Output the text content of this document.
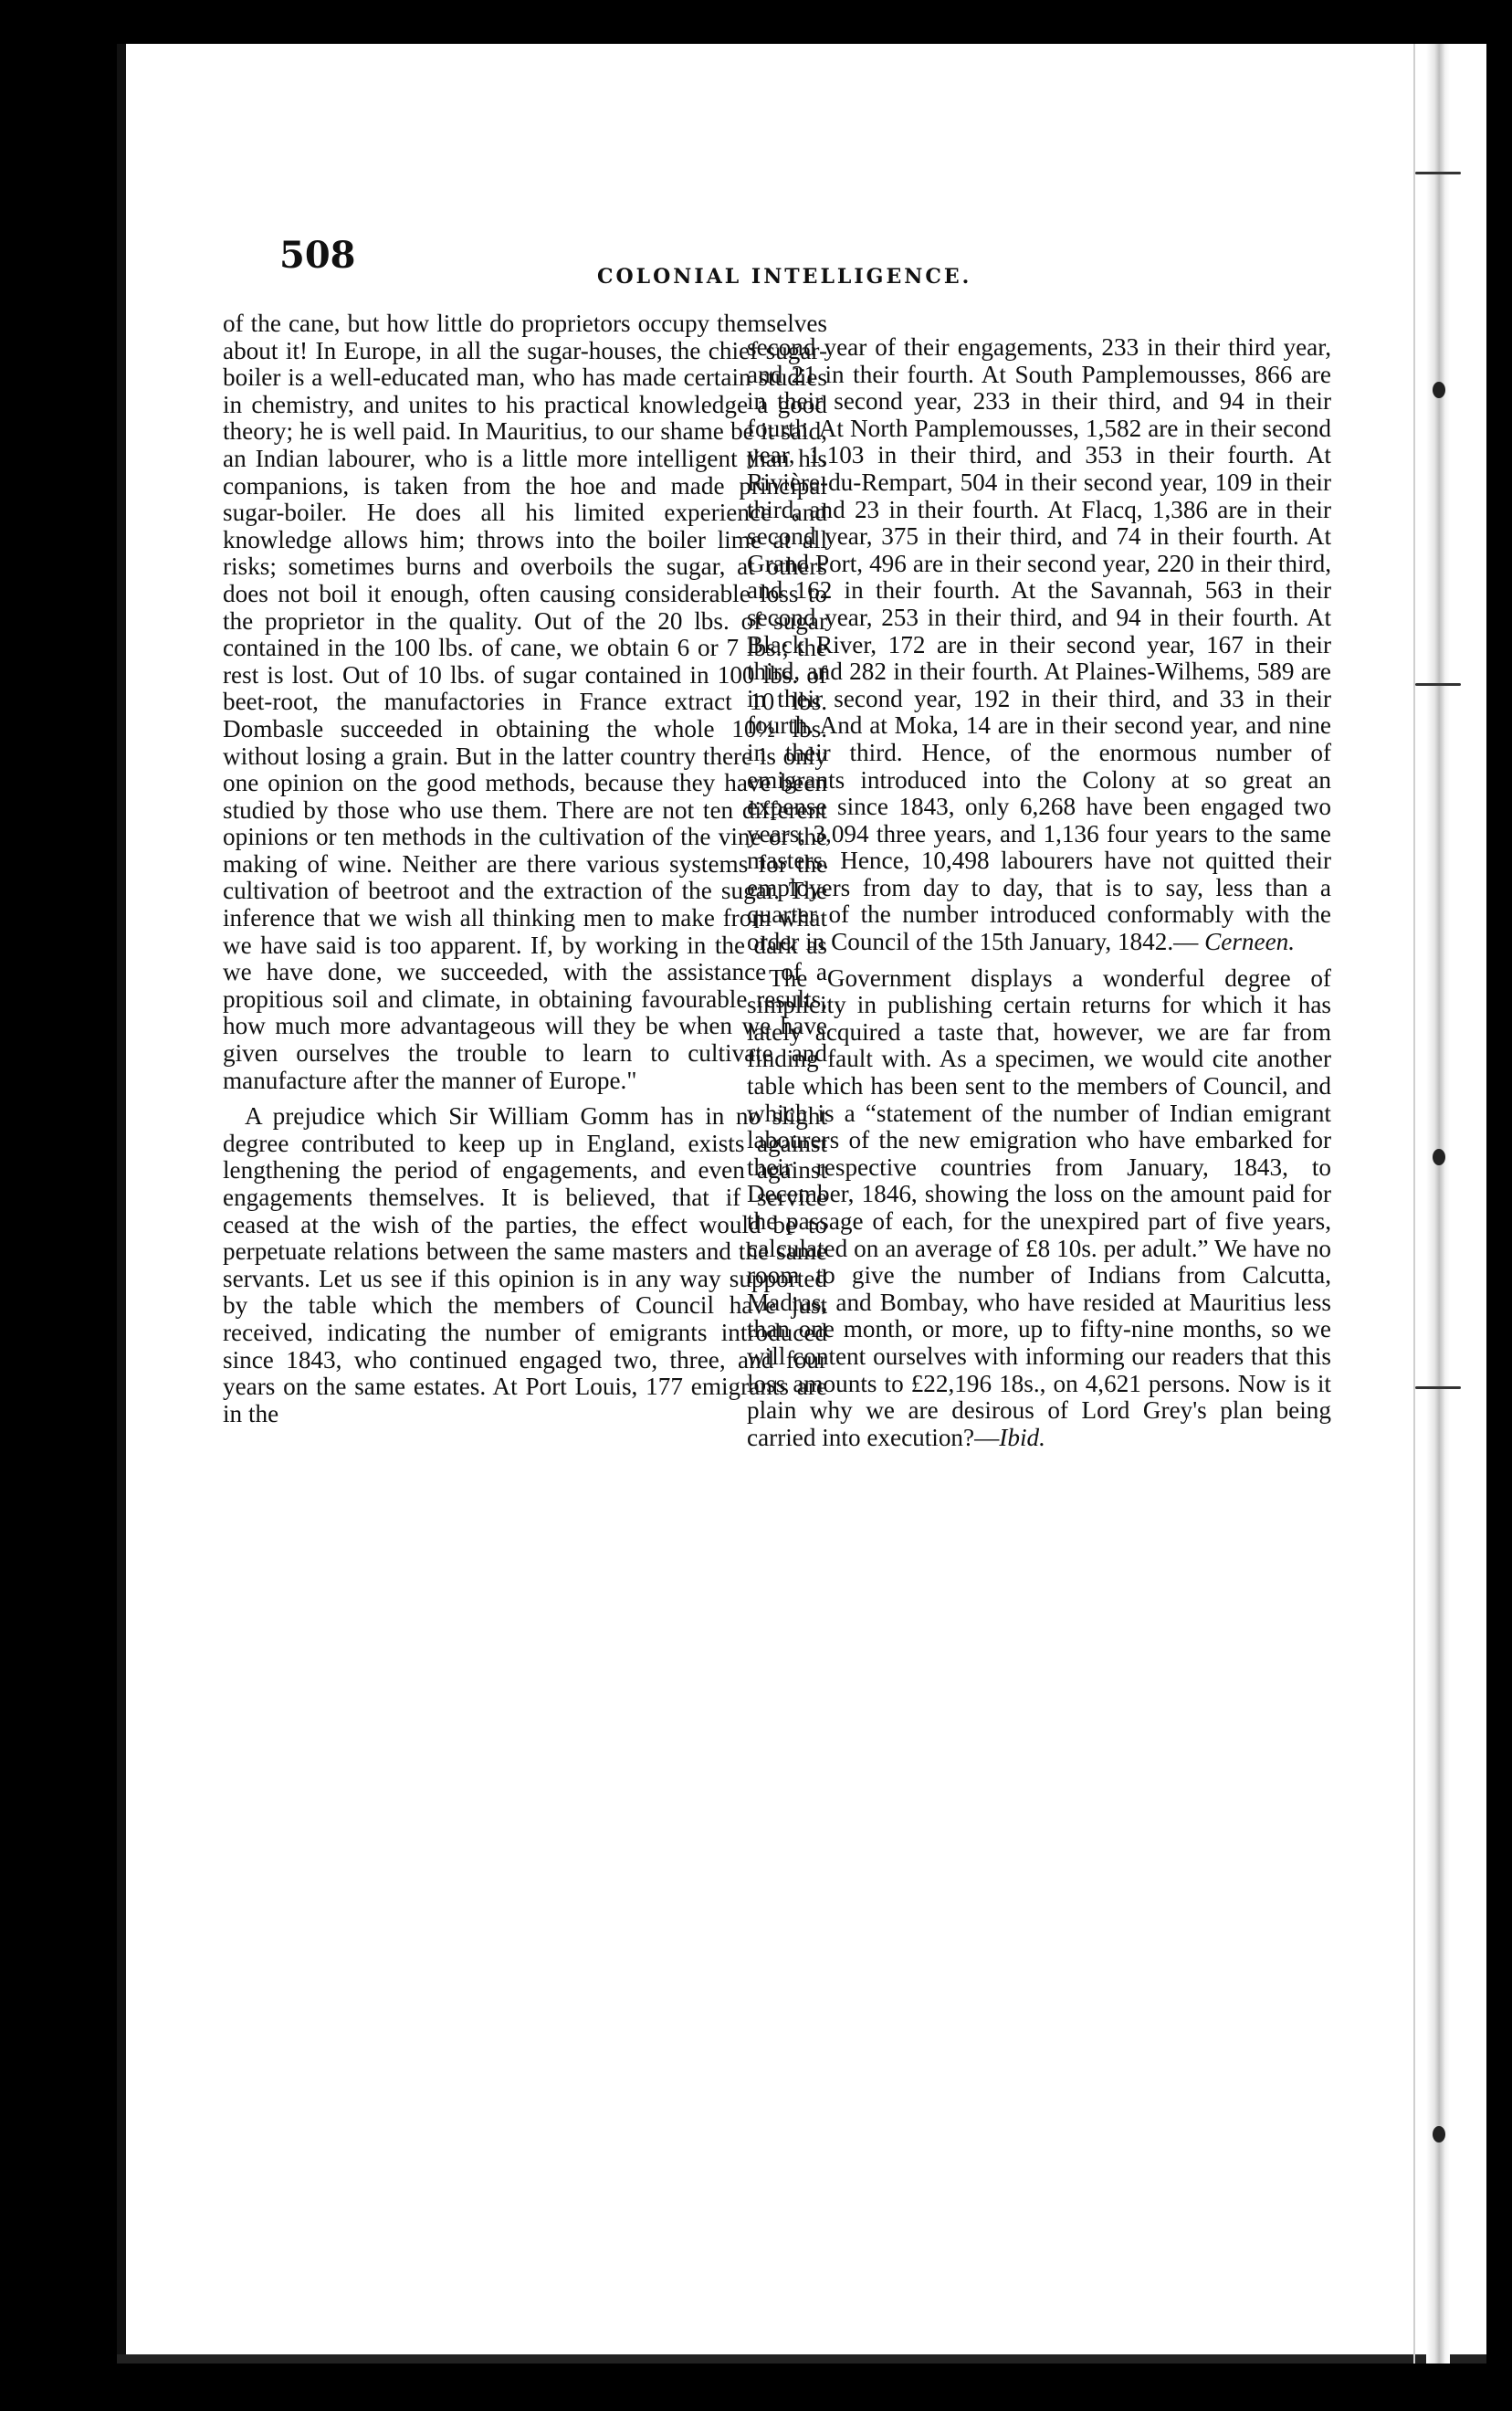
508	COLONIAL INTELLIGENCE.

of the cane, but how little do proprietors occupy themselves about it! In Europe, in all the sugar-houses, the chief sugar-boiler is a well-educated man, who has made certain studies in chemistry, and unites to his practical knowledge a good theory; he is well paid. In Mauritius, to our shame be it said, an Indian labourer, who is a little more intelligent than his companions, is taken from the hoe and made principal sugar-boiler. He does all his limited experience and knowledge allows him; throws into the boiler lime at all risks; sometimes burns and overboils the sugar, at others does not boil it enough, often causing considerable loss to the proprietor in the quality. Out of the 20 lbs. of sugar contained in the 100 lbs. of cane, we obtain 6 or 7 lbs.; the rest is lost. Out of 10 lbs. of sugar contained in 100 lbs. of beet-root, the manufactories in France extract 10 lbs. Dombasle succeeded in obtaining the whole 10½ lbs. without losing a grain. But in the latter country there is only one opinion on the good methods, because they have been studied by those who use them. There are not ten different opinions or ten methods in the cultivation of the vine or the making of wine. Neither are there various systems for the cultivation of beetroot and the extraction of the sugar. The inference that we wish all thinking men to make from what we have said is too apparent. If, by working in the dark as we have done, we succeeded, with the assistance of a propitious soil and climate, in obtaining favourable results, how much more advantageous will they be when we have given ourselves the trouble to learn to cultivate and manufacture after the manner of Europe."

A prejudice which Sir William Gomm has in no slight degree contributed to keep up in England, exists against lengthening the period of engagements, and even against engagements themselves. It is believed, that if service ceased at the wish of the parties, the effect would be to perpetuate relations between the same masters and the same servants. Let us see if this opinion is in any way supported by the table which the members of Council have just received, indicating the number of emigrants introduced since 1843, who continued engaged two, three, and four years on the same estates. At Port Louis, 177 emigrants are in the

second year of their engagements, 233 in their third year, and 21 in their fourth. At South Pamplemousses, 866 are in their second year, 233 in their third, and 94 in their fourth. At North Pamplemousses, 1,582 are in their second year, 1,103 in their third, and 353 in their fourth. At Rivière-du-Rempart, 504 in their second year, 109 in their third, and 23 in their fourth. At Flacq, 1,386 are in their second year, 375 in their third, and 74 in their fourth. At Grand Port, 496 are in their second year, 220 in their third, and 162 in their fourth. At the Savannah, 563 in their second year, 253 in their third, and 94 in their fourth. At Black River, 172 are in their second year, 167 in their third, and 282 in their fourth. At Plaines-Wilhems, 589 are in their second year, 192 in their third, and 33 in their fourth. And at Moka, 14 are in their second year, and nine in their third. Hence, of the enormous number of emigrants introduced into the Colony at so great an expense since 1843, only 6,268 have been engaged two years, 3,094 three years, and 1,136 four years to the same masters. Hence, 10,498 labourers have not quitted their employers from day to day, that is to say, less than a quarter of the number introduced conformably with the order in Council of the 15th January, 1842.— Cerneen.

The Government displays a wonderful degree of simplicity in publishing certain returns for which it has lately acquired a taste that, however, we are far from finding fault with. As a specimen, we would cite another table which has been sent to the members of Council, and which is a “statement of the number of Indian emigrant labourers of the new emigration who have embarked for their respective countries from January, 1843, to December, 1846, showing the loss on the amount paid for the passage of each, for the unexpired part of five years, calculated on an average of £8 10s. per adult.” We have no room to give the number of Indians from Calcutta, Madras, and Bombay, who have resided at Mauritius less than one month, or more, up to fifty-nine months, so we will content ourselves with informing our readers that this loss amounts to £22,196 18s., on 4,621 persons. Now is it plain why we are desirous of Lord Grey's plan being carried into execution?—Ibid.
